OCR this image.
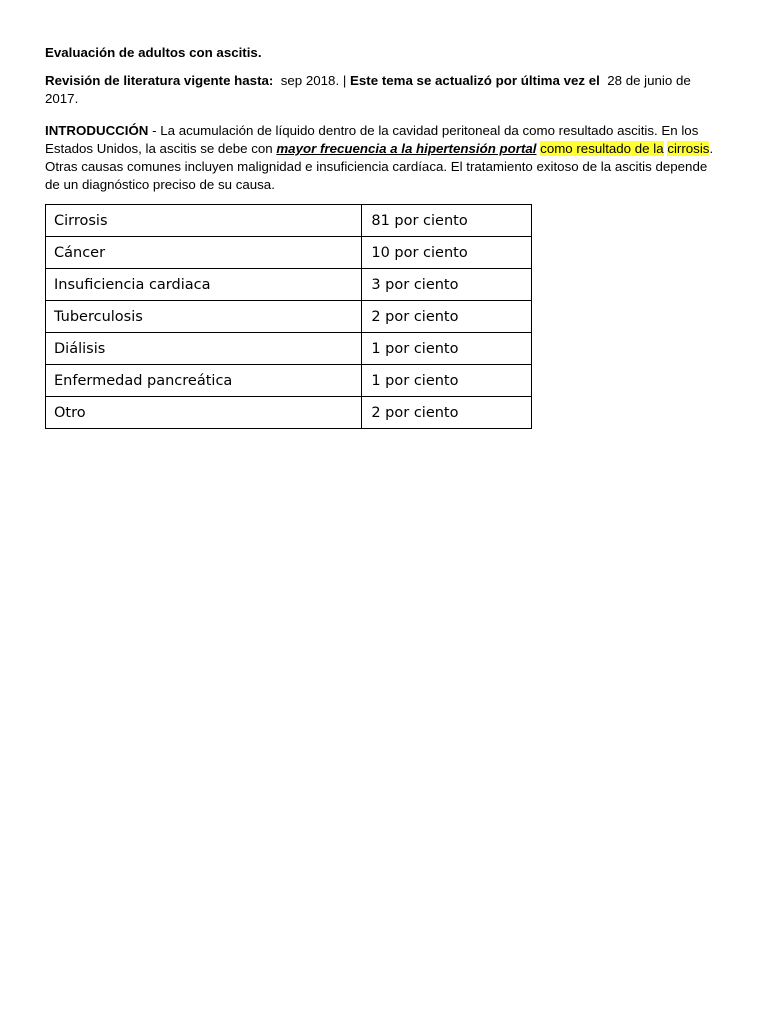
Evaluación de adultos con ascitis.

Revisión de literatura vigente hasta: sep 2018. | Este tema se actualizó por última vez el 28 de junio de 2017.

INTRODUCCIÓN - La acumulación de líquido dentro de la cavidad peritoneal da como resultado ascitis. En los Estados Unidos, la ascitis se debe con mayor frecuencia a la hipertensión portal como resultado de la cirrosis. Otras causas comunes incluyen malignidad e insuficiencia cardíaca. El tratamiento exitoso de la ascitis depende de un diagnóstico preciso de su causa.

Cirrosis	81 por ciento
Cáncer	10 por ciento
Insuficiencia cardiaca	3 por ciento
Tuberculosis	2 por ciento
Diálisis	1 por ciento
Enfermedad pancreática	1 por ciento
Otro	2 por ciento
